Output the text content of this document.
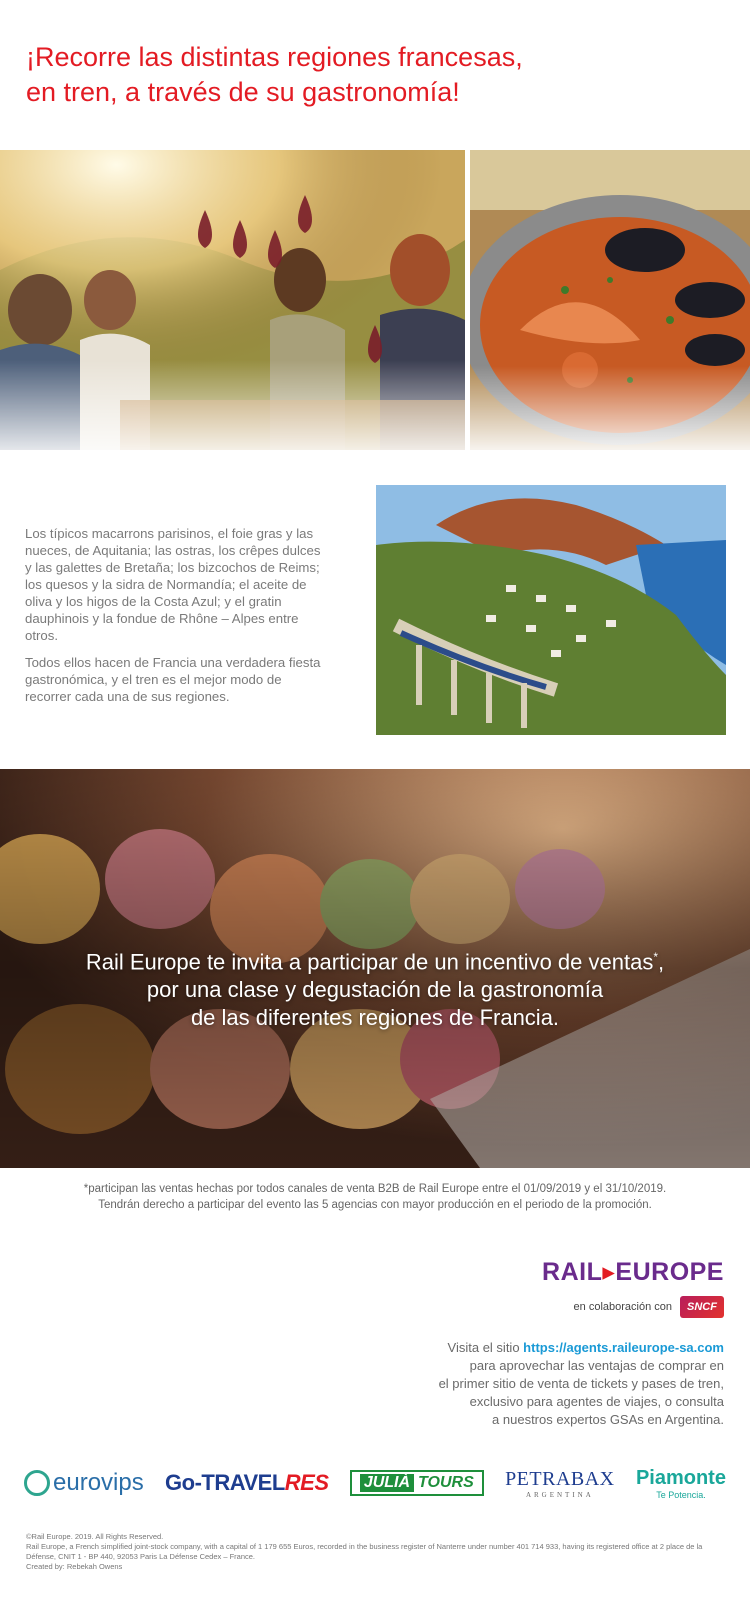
¡Recorre las distintas regiones francesas,
en tren, a través de su gastronomía!

Los típicos macarrons parisinos, el foie gras y las nueces, de Aquitania; las ostras, los crêpes dulces y las galettes de Bretaña; los bizcochos de Reims; los quesos y la sidra de Normandía; el aceite de oliva y los higos de la Costa Azul; y el gratin dauphinois y la fondue de Rhône – Alpes entre otros.

Todos ellos hacen de Francia una verdadera fiesta gastronómica, y el tren es el mejor modo de recorrer cada una de sus regiones.

Rail Europe te invita a participar de un incentivo de ventas*,
por una clase y degustación de la gastronomía
de las diferentes regiones de Francia.

*participan las ventas hechas por todos canales de venta B2B de Rail Europe entre el 01/09/2019 y el 31/10/2019.
Tendrán derecho a participar del evento las 5 agencias con mayor producción en el periodo de la promoción.

RAIL▸EUROPE
en colaboración con	SNCF

Visita el sitio https://agents.raileurope-sa.com
para aprovechar las ventajas de comprar en
el primer sitio de venta de tickets y pases de tren,
exclusivo para agentes de viajes, o consulta
a nuestros expertos GSAs en Argentina.

eurovips Go-TRAVELRES JULIÀ TOURS PETRABAX
ARGENTINA
Piamonte
Te Potencia.

©Rail Europe. 2019. All Rights Reserved.
Rail Europe, a French simplified joint-stock company, with a capital of 1 179 655 Euros, recorded in the business register of Nanterre under number 401 714 933, having its registered office at 2 place de la Défense, CNIT 1 - BP 440, 92053 Paris La Défense Cedex – France.
Created by: Rebekah Owens
